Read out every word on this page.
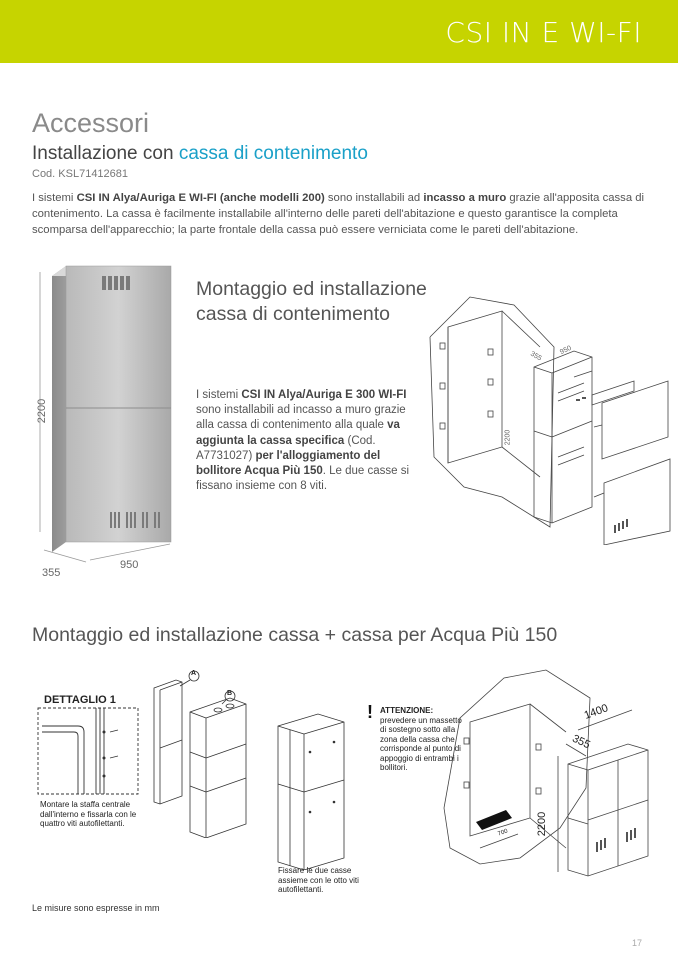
CSI IN E WI-FI
Accessori
Installazione con cassa di contenimento
Cod. KSL71412681

I sistemi CSI IN Alya/Auriga E WI-FI (anche modelli 200) sono installabili ad incasso a muro grazie all'apposita cassa di contenimento. La cassa è facilmente installabile all'interno delle pareti dell'abitazione e questo garantisce la completa scomparsa dell'apparecchio; la parte frontale della cassa può essere verniciata come le pareti dell'abitazione.

2200
355
950
Montaggio ed installazione
cassa di contenimento

I sistemi CSI IN Alya/Auriga E 300 WI-FI sono installabili ad incasso a muro grazie alla cassa di contenimento alla quale va aggiunta la cassa specifica (Cod. A7731027) per l'alloggiamento del bollitore Acqua Più 150. Le due casse si fissano insieme con 8 viti.

950
355
2200
Montaggio ed installazione cassa + cassa per Acqua Più 150
DETTAGLIO 1

Montare la staffa centrale dall'interno e fissarla con le quattro viti autofilettanti.

A
B

Fissare le due casse assieme con le otto viti autofilettanti.

! ATTENZIONE:
prevedere un massetto di sostegno sotto alla zona della cassa che corrisponde al punto di appoggio di entrambi i bollitori.

1400
355
2200
700
Le misure sono espresse in mm
17
